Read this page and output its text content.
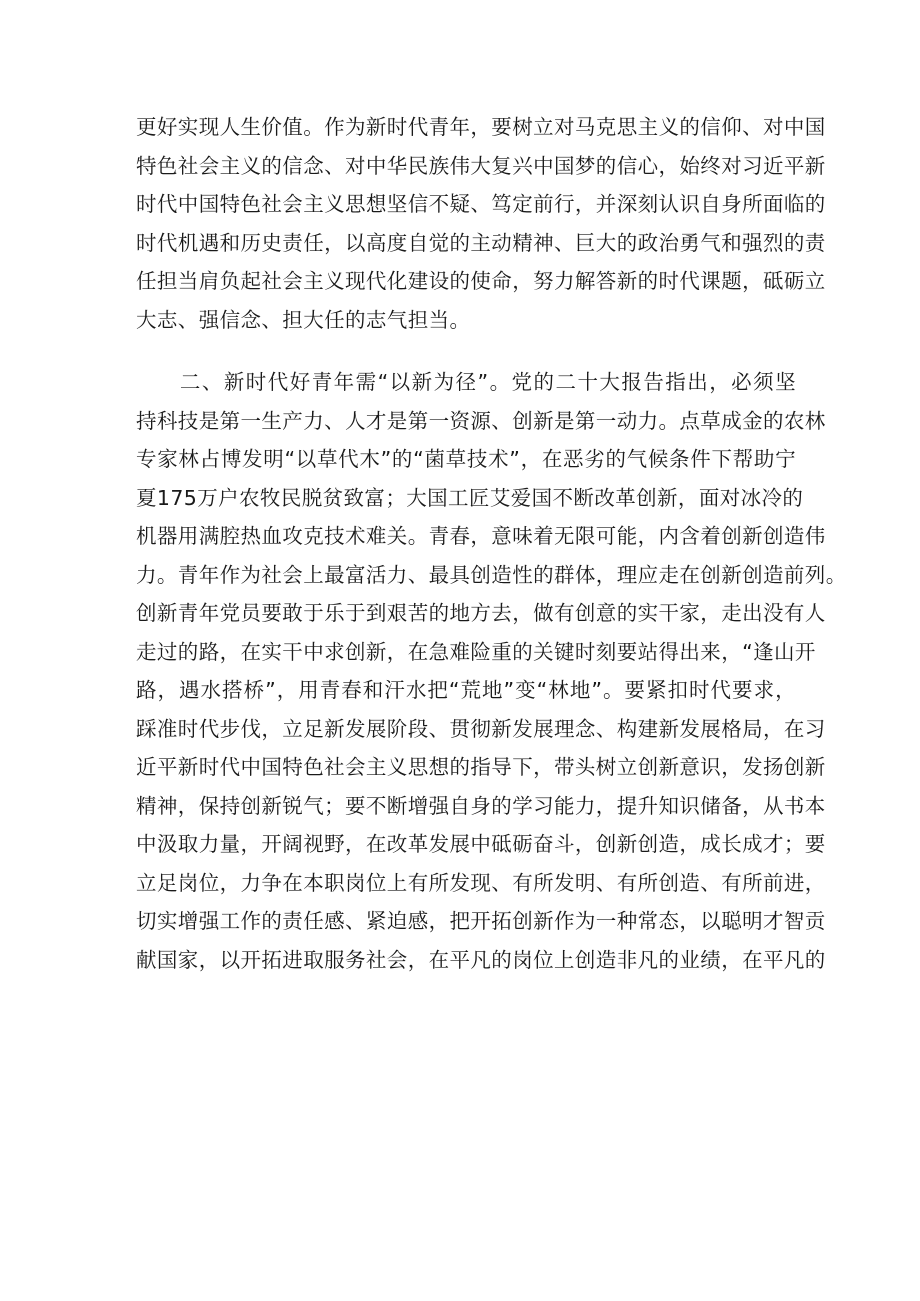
更好实现人生价值。作为新时代青年，要树立对马克思主义的信仰、对中国
特色社会主义的信念、对中华民族伟大复兴中国梦的信心，始终对习近平新
时代中国特色社会主义思想坚信不疑、笃定前行，并深刻认识自身所面临的
时代机遇和历史责任，以高度自觉的主动精神、巨大的政治勇气和强烈的责
任担当肩负起社会主义现代化建设的使命，努力解答新的时代课题，砥砺立
大志、强信念、担大任的志气担当。
　　二、新时代好青年需“以新为径”。党的二十大报告指出，必须坚
持科技是第一生产力、人才是第一资源、创新是第一动力。点草成金的农林
专家林占博发明“以草代木”的“菌草技术”，在恶劣的气候条件下帮助宁
夏175万户农牧民脱贫致富；大国工匠艾爱国不断改革创新，面对冰冷的
机器用满腔热血攻克技术难关。青春，意味着无限可能，内含着创新创造伟
力。青年作为社会上最富活力、最具创造性的群体，理应走在创新创造前列。
创新青年党员要敢于乐于到艰苦的地方去，做有创意的实干家，走出没有人
走过的路，在实干中求创新，在急难险重的关键时刻要站得出来，“逢山开
路，遇水搭桥”，用青春和汗水把“荒地”变“林地”。要紧扣时代要求，
踩准时代步伐，立足新发展阶段、贯彻新发展理念、构建新发展格局，在习
近平新时代中国特色社会主义思想的指导下，带头树立创新意识，发扬创新
精神，保持创新锐气；要不断增强自身的学习能力，提升知识储备，从书本
中汲取力量，开阔视野，在改革发展中砥砺奋斗，创新创造，成长成才；要
立足岗位，力争在本职岗位上有所发现、有所发明、有所创造、有所前进，
切实增强工作的责任感、紧迫感，把开拓创新作为一种常态，以聪明才智贡
献国家，以开拓进取服务社会，在平凡的岗位上创造非凡的业绩，在平凡的
